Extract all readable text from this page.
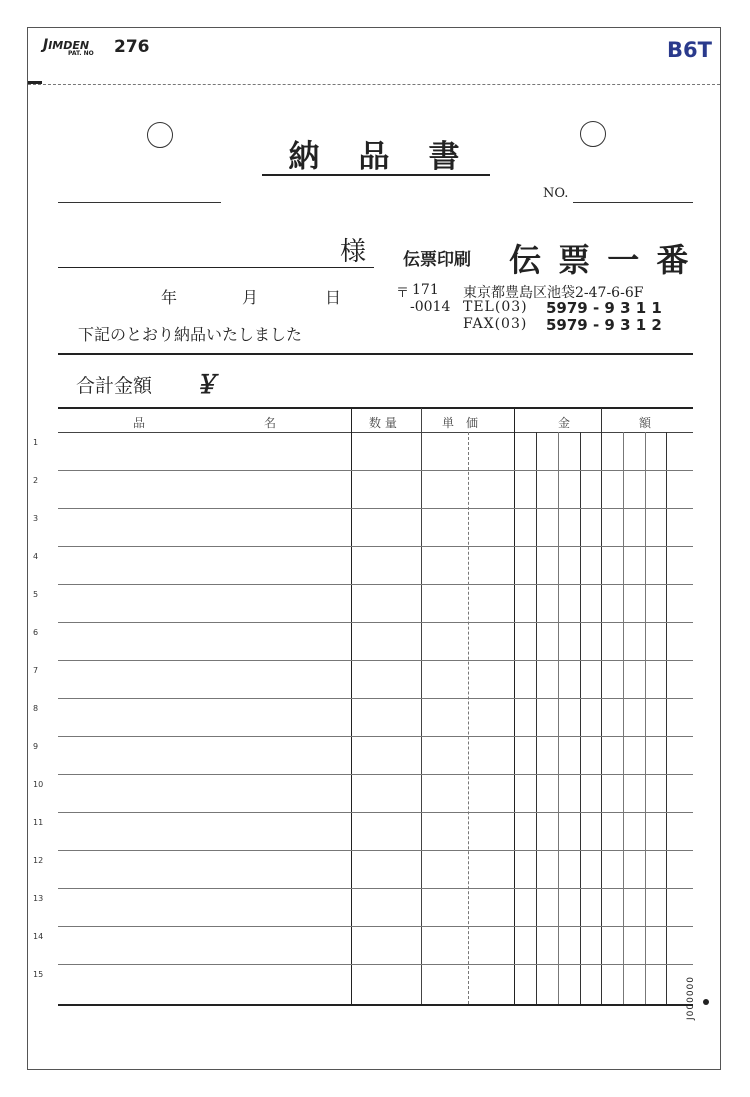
JIMDEN
PAT. NO 276	B6T
納　品　書
NO.
様
年	月	日
下記のとおり納品いたしました
伝票印刷 伝 票 一 番
〒 171
-0014
東京都豊島区池袋2-47-6-6F
TEL(03) 5979 - 9 3 1 1
FAX(03) 5979 - 9 3 1 2
合計金額 ￥
品	名	数 量	単　価	金	額
1
2
3
4
5
6
7
8
9
10
11
12
13
14
15
J000000
